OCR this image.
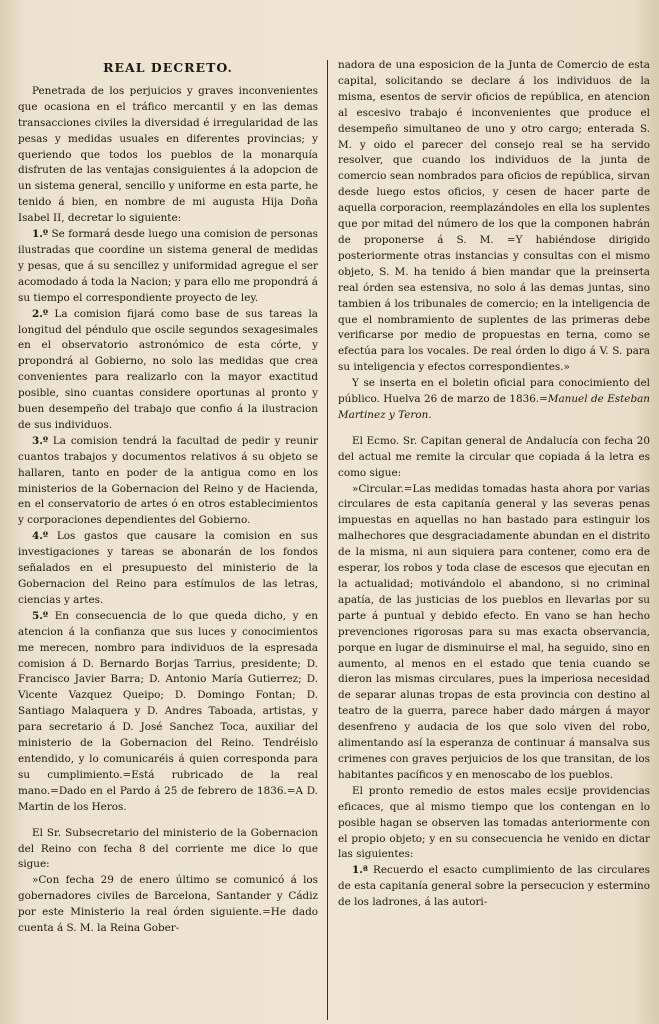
REAL DECRETO.

Penetrada de los perjuicios y graves inconvenientes que ocasiona en el tráfico mercantil y en las demas transacciones civiles la diversidad é irregularidad de las pesas y medidas usuales en diferentes provincias; y queriendo que todos los pueblos de la monarquía disfruten de las ventajas consiguientes á la adopcion de un sistema general, sencillo y uniforme en esta parte, he tenido á bien, en nombre de mi augusta Hija Doña Isabel II, decretar lo siguiente:

1.º Se formará desde luego una comision de personas ilustradas que coordine un sistema general de medidas y pesas, que á su sencillez y uniformidad agregue el ser acomodado á toda la Nacion; y para ello me propondrá á su tiempo el correspondiente proyecto de ley.

2.º La comision fijará como base de sus tareas la longitud del péndulo que oscile segundos sexagesimales en el observatorio astronómico de esta córte, y propondrá al Gobierno, no solo las medidas que crea convenientes para realizarlo con la mayor exactitud posible, sino cuantas considere oportunas al pronto y buen desempeño del trabajo que confio á la ilustracion de sus individuos.

3.º La comision tendrá la facultad de pedir y reunir cuantos trabajos y documentos relativos á su objeto se hallaren, tanto en poder de la antigua como en los ministerios de la Gobernacion del Reino y de Hacienda, en el conservatorio de artes ó en otros establecimientos y corporaciones dependientes del Gobierno.

4.º Los gastos que causare la comision en sus investigaciones y tareas se abonarán de los fondos señalados en el presupuesto del ministerio de la Gobernacion del Reino para estímulos de las letras, ciencias y artes.

5.º En consecuencia de lo que queda dicho, y en atencion á la confianza que sus luces y conocimientos me merecen, nombro para individuos de la espresada comision á D. Bernardo Borjas Tarrius, presidente; D. Francisco Javier Barra; D. Antonio María Gutierrez; D. Vicente Vazquez Queipo; D. Domingo Fontan; D. Santiago Malaquera y D. Andres Taboada, artistas, y para secretario á D. José Sanchez Toca, auxiliar del ministerio de la Gobernacion del Reino. Tendréislo entendido, y lo comunicaréis á quien corresponda para su cumplimiento.=Está rubricado de la real mano.=Dado en el Pardo á 25 de febrero de 1836.=A D. Martin de los Heros.

El Sr. Subsecretario del ministerio de la Gobernacion del Reino con fecha 8 del corriente me dice lo que sigue:

»Con fecha 29 de enero último se comunicó á los gobernadores civiles de Barcelona, Santander y Cádiz por este Ministerio la real órden siguiente.=He dado cuenta á S. M. la Reina Gober-

nadora de una esposicion de la Junta de Comercio de esta capital, solicitando se declare á los individuos de la misma, esentos de servir oficios de república, en atencion al escesivo trabajo é inconvenientes que produce el desempeño simultaneo de uno y otro cargo; enterada S. M. y oido el parecer del consejo real se ha servido resolver, que cuando los individuos de la junta de comercio sean nombrados para oficios de república, sirvan desde luego estos oficios, y cesen de hacer parte de aquella corporacion, reemplazándoles en ella los suplentes que por mitad del número de los que la componen habrán de proponerse á S. M. =Y habiéndose dirigido posteriormente otras instancias y consultas con el mismo objeto, S. M. ha tenido á bien mandar que la preinserta real órden sea estensiva, no solo á las demas juntas, sino tambien á los tribunales de comercio; en la inteligencia de que el nombramiento de suplentes de las primeras debe verificarse por medio de propuestas en terna, como se efectúa para los vocales. De real órden lo digo á V. S. para su inteligencia y efectos correspondientes.»

Y se inserta en el boletin oficial para conocimiento del público. Huelva 26 de marzo de 1836.=Manuel de Esteban Martinez y Teron.

El Ecmo. Sr. Capitan general de Andalucía con fecha 20 del actual me remite la circular que copiada á la letra es como sigue:

»Circular.=Las medidas tomadas hasta ahora por varias circulares de esta capitanía general y las severas penas impuestas en aquellas no han bastado para estinguir los malhechores que desgraciadamente abundan en el distrito de la misma, ni aun siquiera para contener, como era de esperar, los robos y toda clase de escesos que ejecutan en la actualidad; motivándolo el abandono, si no criminal apatía, de las justicias de los pueblos en llevarlas por su parte á puntual y debido efecto. En vano se han hecho prevenciones rigorosas para su mas exacta observancia, porque en lugar de disminuirse el mal, ha seguido, sino en aumento, al menos en el estado que tenia cuando se dieron las mismas circulares, pues la imperiosa necesidad de separar alunas tropas de esta provincia con destino al teatro de la guerra, parece haber dado márgen á mayor desenfreno y audacia de los que solo viven del robo, alimentando así la esperanza de continuar á mansalva sus crimenes con graves perjuicios de los que transitan, de los habitantes pacíficos y en menoscabo de los pueblos.

El pronto remedio de estos males ecsije providencias eficaces, que al mismo tiempo que los contengan en lo posible hagan se observen las tomadas anteriormente con el propio objeto; y en su consecuencia he venido en dictar las siguientes:

1.ª Recuerdo el esacto cumplimiento de las circulares de esta capitanía general sobre la persecucion y estermino de los ladrones, á las autori-
